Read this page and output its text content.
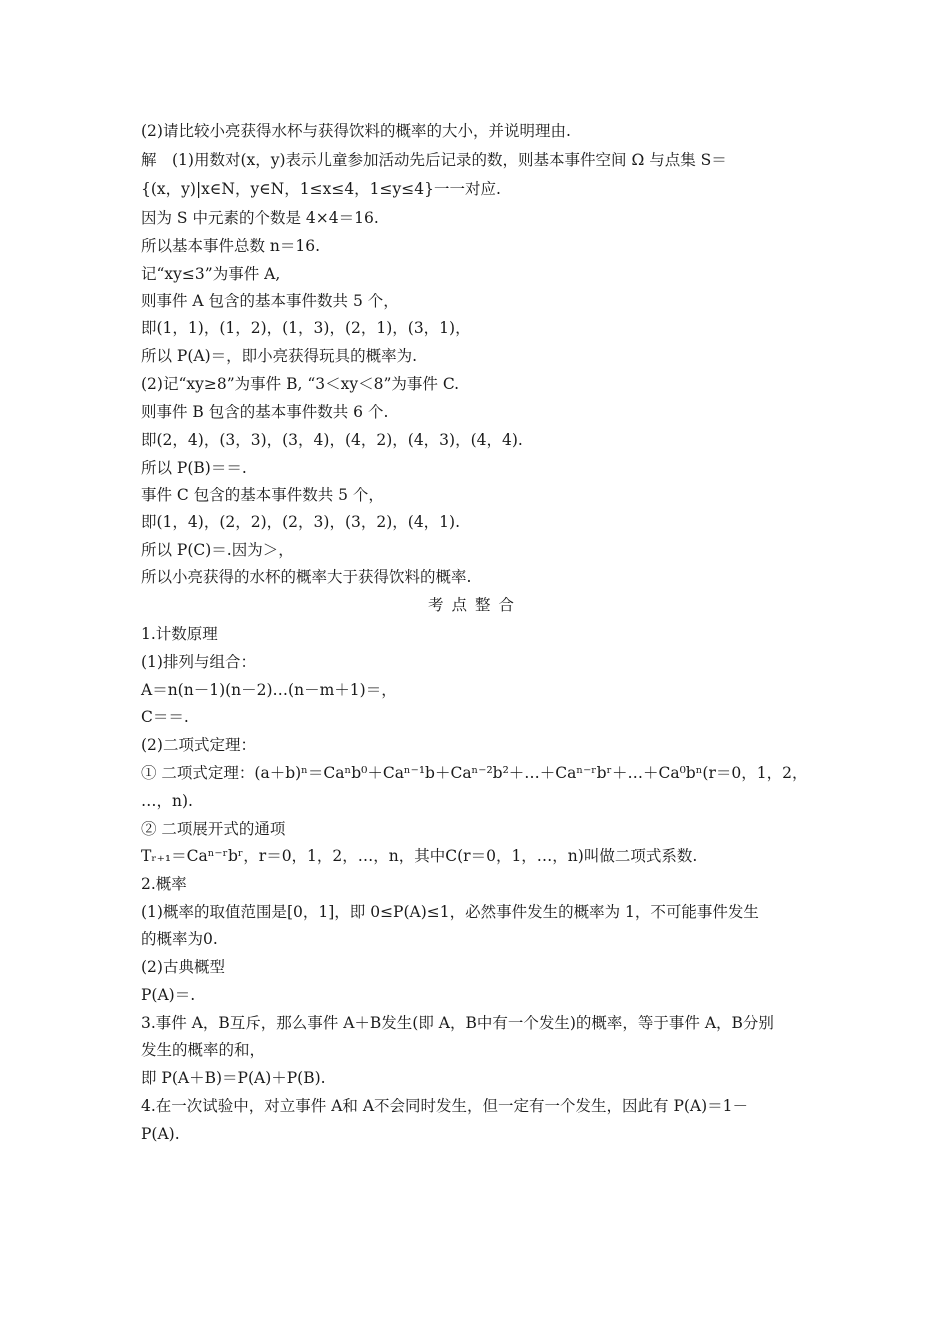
(2)请比较小亮获得水杯与获得饮料的概率的大小，并说明理由.
解　(1)用数对(x，y)表示儿童参加活动先后记录的数，则基本事件空间 Ω 与点集 S＝
{(x，y)|x∈N，y∈N，1≤x≤4，1≤y≤4}一一对应.
因为 S 中元素的个数是 4×4＝16.
所以基本事件总数 n＝16.
记“xy≤3”为事件 A,
则事件 A 包含的基本事件数共 5 个，
即(1，1)，(1，2)，(1，3)，(2，1)，(3，1)，
所以 P(A)＝，即小亮获得玩具的概率为.
(2)记“xy≥8”为事件 B, “3＜xy＜8”为事件 C.
则事件 B 包含的基本事件数共 6 个.
即(2，4)，(3，3)，(3，4)，(4，2)，(4，3)，(4，4).
所以 P(B)＝＝.
事件 C 包含的基本事件数共 5 个，
即(1，4)，(2，2)，(2，3)，(3，2)，(4，1).
所以 P(C)＝.因为＞，
所以小亮获得的水杯的概率大于获得饮料的概率.
考点整合
1.计数原理
(1)排列与组合：
A＝n(n－1)(n－2)…(n－m＋1)＝，
C＝＝.
(2)二项式定理：
① 二项式定理：(a＋b)ⁿ＝Caⁿb⁰＋Caⁿ⁻¹b＋Caⁿ⁻²b²＋…＋Caⁿ⁻ʳbʳ＋…＋Ca⁰bⁿ(r＝0，1，2，
…，n).
② 二项展开式的通项
Tᵣ₊₁＝Caⁿ⁻ʳbʳ，r＝0，1，2，…，n，其中C(r＝0，1，…，n)叫做二项式系数.
2.概率
(1)概率的取值范围是[0，1]，即 0≤P(A)≤1，必然事件发生的概率为 1，不可能事件发生
的概率为0.
(2)古典概型
P(A)＝.
3.事件 A，B互斥，那么事件 A＋B发生(即 A，B中有一个发生)的概率，等于事件 A，B分别
发生的概率的和，
即 P(A＋B)＝P(A)＋P(B).
4.在一次试验中，对立事件 A和 A不会同时发生，但一定有一个发生，因此有 P(A)＝1－
P(A).
